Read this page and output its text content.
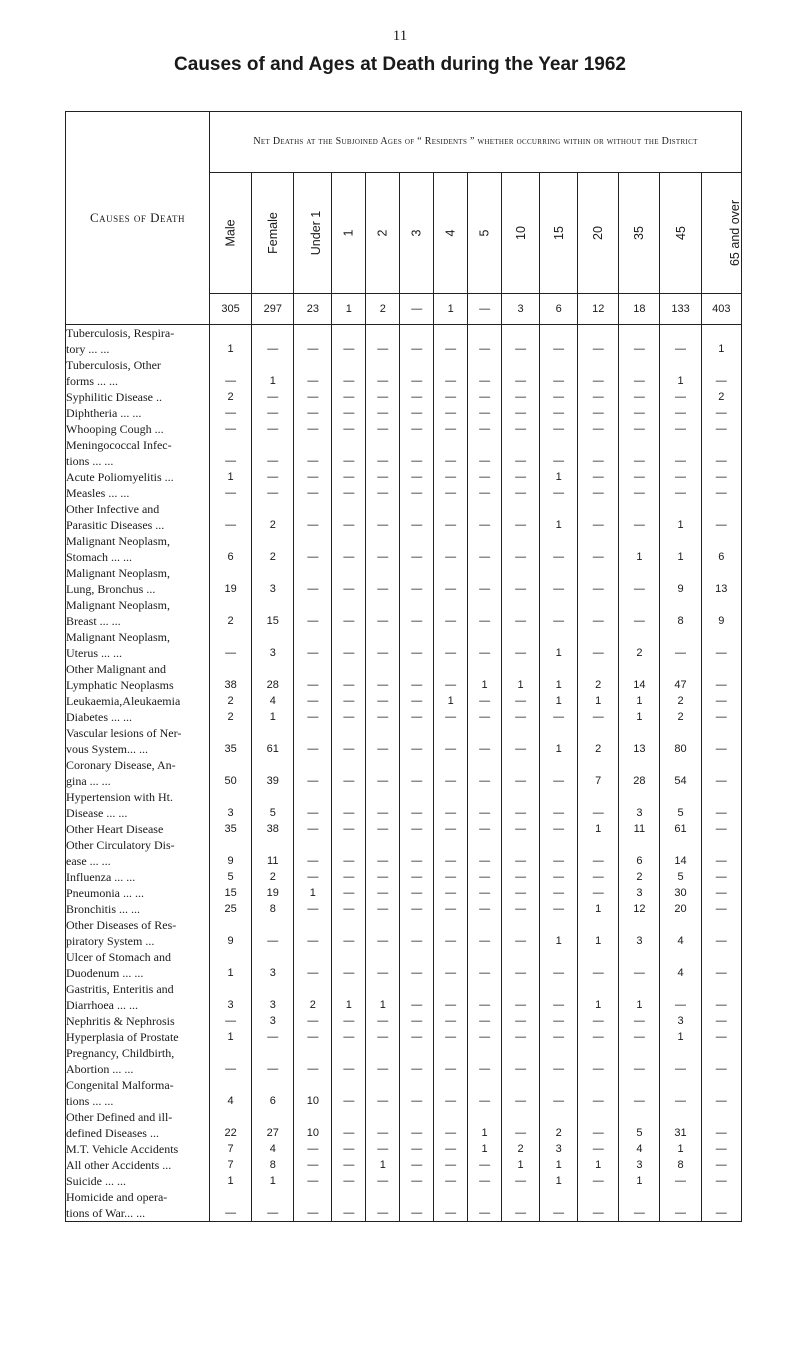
11
Causes of and Ages at Death during the Year 1962
Causes of Death	Net Deaths at the Subjoined Ages of “ Residents ” whether occurring within or without the District													
	Male	Female	Under 1	1	2	3	4	5	10	15	20	35	45	65 and over
	305	297	23	1	2	—	1	—	3	6	12	18	133	403

Tuberculosis, Respira-
tory ... ...	1	—	—	—	—	—	—	—	—	—	—	—	—	1

Tuberculosis, Other
forms ... ...	—	1	—	—	—	—	—	—	—	—	—	—	1	—

Syphilitic Disease ..	2	—	—	—	—	—	—	—	—	—	—	—	—	2

Diphtheria ... ...	—	—	—	—	—	—	—	—	—	—	—	—	—	—

Whooping Cough ...	—	—	—	—	—	—	—	—	—	—	—	—	—	—

Meningococcal Infec-
tions ... ...	—	—	—	—	—	—	—	—	—	—	—	—	—	—

Acute Poliomyelitis ...	1	—	—	—	—	—	—	—	—	1	—	—	—	—

Measles ... ...	—	—	—	—	—	—	—	—	—	—	—	—	—	—

Other Infective and
Parasitic Diseases ...	—	2	—	—	—	—	—	—	—	1	—	—	1	—

Malignant Neoplasm,
Stomach ... ...	6	2	—	—	—	—	—	—	—	—	—	1	1	6

Malignant Neoplasm,
Lung, Bronchus ...	19	3	—	—	—	—	—	—	—	—	—	—	9	13

Malignant Neoplasm,
Breast ... ...	2	15	—	—	—	—	—	—	—	—	—	—	8	9

Malignant Neoplasm,
Uterus ... ...	—	3	—	—	—	—	—	—	—	1	—	2	—	—

Other Malignant and
Lymphatic Neoplasms	38	28	—	—	—	—	—	1	1	1	2	14	47	—

Leukaemia,Aleukaemia	2	4	—	—	—	—	1	—	—	1	1	1	2	—

Diabetes ... ...	2	1	—	—	—	—	—	—	—	—	—	1	2	—

Vascular lesions of Ner-
vous System... ...	35	61	—	—	—	—	—	—	—	1	2	13	80	—

Coronary Disease, An-
gina ... ...	50	39	—	—	—	—	—	—	—	—	7	28	54	—

Hypertension with Ht.
Disease ... ...	3	5	—	—	—	—	—	—	—	—	—	3	5	—

Other Heart Disease	35	38	—	—	—	—	—	—	—	—	1	11	61	—

Other Circulatory Dis-
ease ... ...	9	11	—	—	—	—	—	—	—	—	—	6	14	—

Influenza ... ...	5	2	—	—	—	—	—	—	—	—	—	2	5	—

Pneumonia ... ...	15	19	1	—	—	—	—	—	—	—	—	3	30	—

Bronchitis ... ...	25	8	—	—	—	—	—	—	—	—	1	12	20	—

Other Diseases of Res-
piratory System ...	9	—	—	—	—	—	—	—	—	1	1	3	4	—

Ulcer of Stomach and
Duodenum ... ...	1	3	—	—	—	—	—	—	—	—	—	—	4	—

Gastritis, Enteritis and
Diarrhoea ... ...	3	3	2	1	1	—	—	—	—	—	1	1	—	—

Nephritis & Nephrosis	—	3	—	—	—	—	—	—	—	—	—	—	3	—

Hyperplasia of Prostate	1	—	—	—	—	—	—	—	—	—	—	—	1	—

Pregnancy, Childbirth,
Abortion ... ...	—	—	—	—	—	—	—	—	—	—	—	—	—	—

Congenital Malforma-
tions ... ...	4	6	10	—	—	—	—	—	—	—	—	—	—	—

Other Defined and ill-
defined Diseases ...	22	27	10	—	—	—	—	1	—	2	—	5	31	—

M.T. Vehicle Accidents	7	4	—	—	—	—	—	1	2	3	—	4	1	—

All other Accidents ...	7	8	—	—	1	—	—	—	1	1	1	3	8	—

Suicide ... ...	1	1	—	—	—	—	—	—	—	1	—	1	—	—

Homicide and opera-
tions of War... ...	—	—	—	—	—	—	—	—	—	—	—	—	—	—
